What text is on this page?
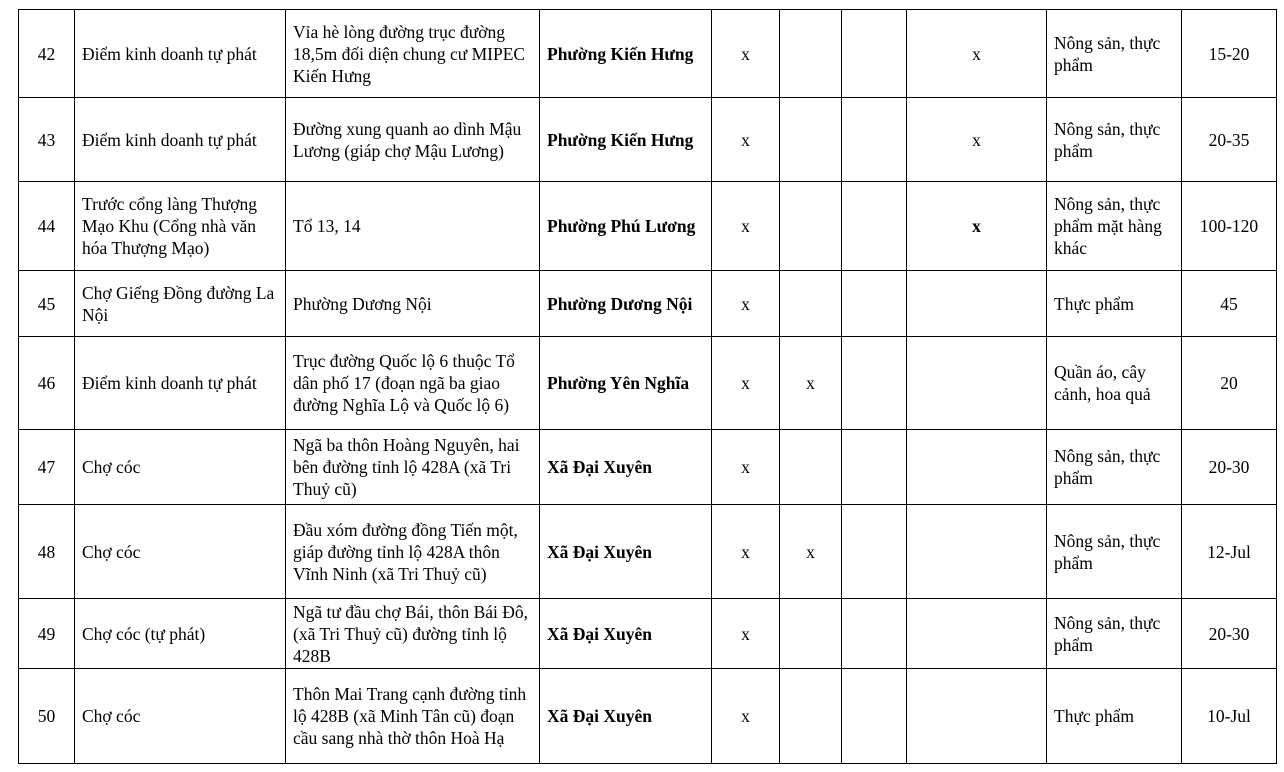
42	Điểm kinh doanh tự phát	Vỉa hè lòng đường trục đường 18,5m đối diện chung cư MIPEC Kiến Hưng	Phường Kiến Hưng	x			x	Nông sản, thực phẩm	15-20
43	Điểm kinh doanh tự phát	Đường xung quanh ao dình Mậu Lương (giáp chợ Mậu Lương)	Phường Kiến Hưng	x			x	Nông sản, thực phẩm	20-35
44	Trước cổng làng Thượng Mạo Khu (Cổng nhà văn hóa Thượng Mạo)	Tổ 13, 14	Phường Phú Lương	x			x	Nông sản, thực phẩm mặt hàng khác	100-120
45	Chợ Giếng Đồng đường La Nội	Phường Dương Nội	Phường Dương Nội	x				Thực phẩm	45
46	Điểm kinh doanh tự phát	Trục đường Quốc lộ 6 thuộc Tổ dân phố 17 (đoạn ngã ba giao đường Nghĩa Lộ và Quốc lộ 6)	Phường Yên Nghĩa	x	x			Quần áo, cây cảnh, hoa quả	20
47	Chợ cóc	Ngã ba thôn Hoàng Nguyên, hai bên đường tỉnh lộ 428A (xã Tri Thuỷ cũ)	Xã Đại Xuyên	x				Nông sản, thực phẩm	20-30
48	Chợ cóc	Đầu xóm đường đồng Tiến một, giáp đường tỉnh lộ 428A thôn Vĩnh Ninh (xã Tri Thuỷ cũ)	Xã Đại Xuyên	x	x			Nông sản, thực phẩm	12-Jul
49	Chợ cóc (tự phát)	Ngã tư đầu chợ Bái, thôn Bái Đô, (xã Tri Thuỷ cũ) đường tỉnh lộ 428B	Xã Đại Xuyên	x				Nông sản, thực phẩm	20-30
50	Chợ cóc	Thôn Mai Trang cạnh đường tỉnh lộ 428B (xã Minh Tân cũ) đoạn cầu sang nhà thờ thôn Hoà Hạ	Xã Đại Xuyên	x				Thực phẩm	10-Jul
